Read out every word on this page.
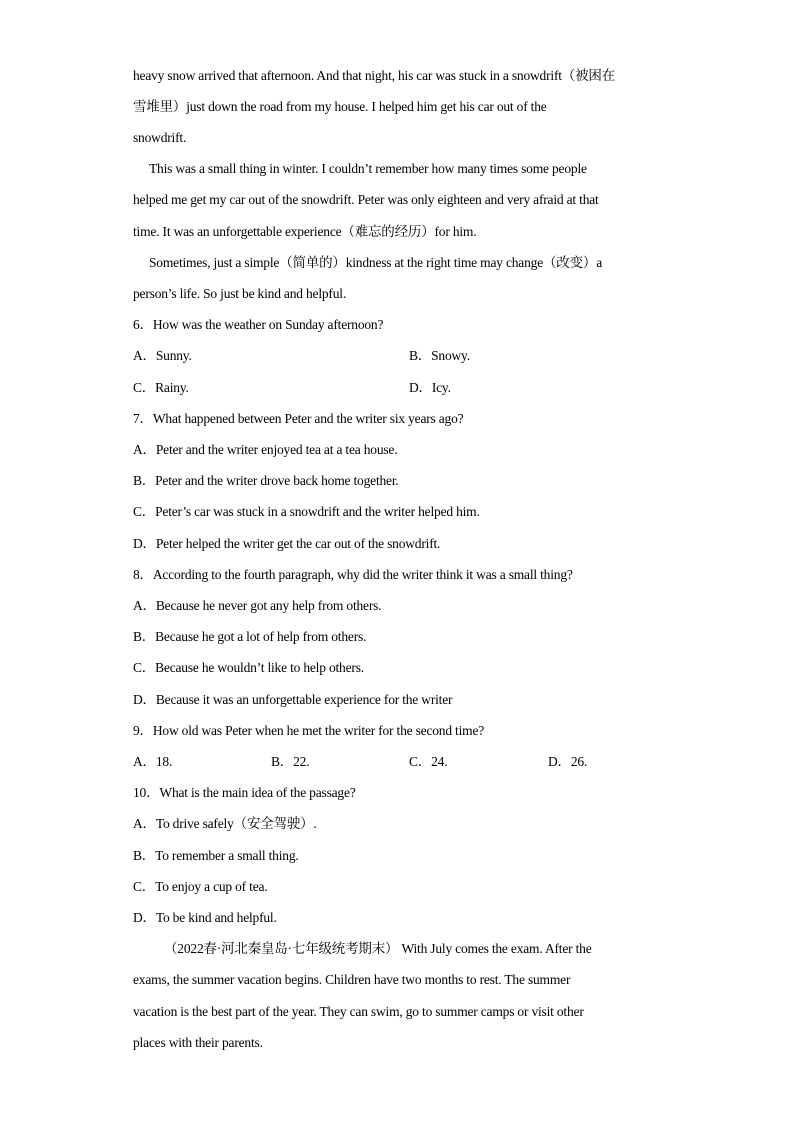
heavy snow arrived that afternoon. And that night, his car was stuck in a snowdrift（被困在
雪堆里）just down the road from my house. I helped him get his car out of the
snowdrift.
This was a small thing in winter. I couldn’t remember how many times some people
helped me get my car out of the snowdrift. Peter was only eighteen and very afraid at that
time. It was an unforgettable experience（难忘的经历）for him.
Sometimes, just a simple（简单的）kindness at the right time may change（改变）a
person’s life. So just be kind and helpful.
6．How was the weather on Sunday afternoon?
A．Sunny.	B．Snowy.
C．Rainy.	D．Icy.
7．What happened between Peter and the writer six years ago?
A．Peter and the writer enjoyed tea at a tea house.
B．Peter and the writer drove back home together.
C．Peter’s car was stuck in a snowdrift and the writer helped him.
D．Peter helped the writer get the car out of the snowdrift.
8．According to the fourth paragraph, why did the writer think it was a small thing?
A．Because he never got any help from others.
B．Because he got a lot of help from others.
C．Because he wouldn’t like to help others.
D．Because it was an unforgettable experience for the writer
9．How old was Peter when he met the writer for the second time?
A．18.	B．22.	C．24.	D．26.
10．What is the main idea of the passage?
A．To drive safely（安全驾驶）.
B．To remember a small thing.
C．To enjoy a cup of tea.
D．To be kind and helpful.
（2022春·河北秦皇岛·七年级统考期末） With July comes the exam. After the
exams, the summer vacation begins. Children have two months to rest. The summer
vacation is the best part of the year. They can swim, go to summer camps or visit other
places with their parents.
